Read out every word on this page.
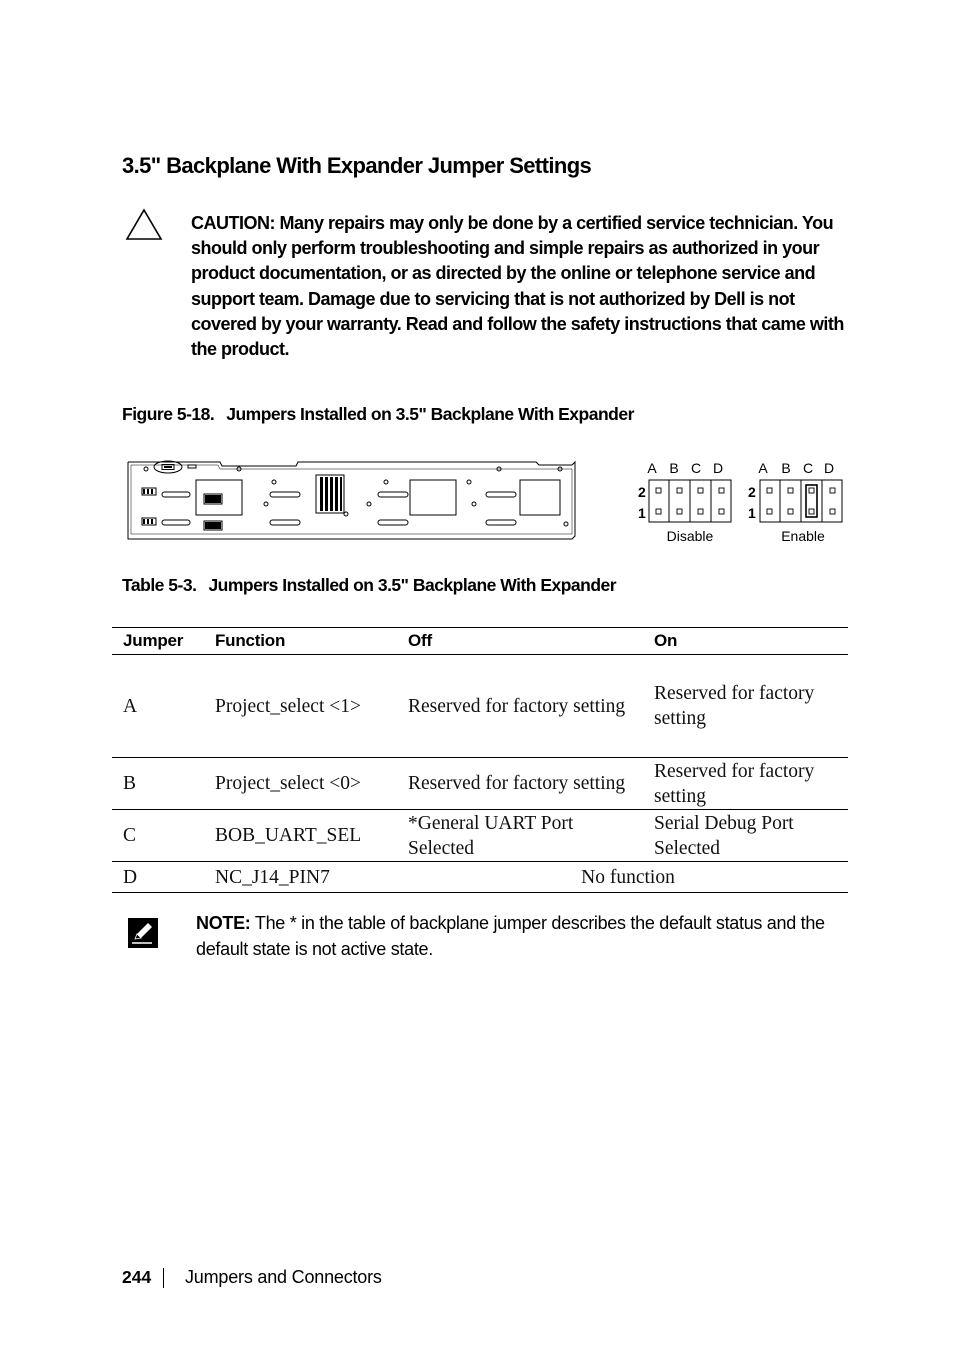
3.5" Backplane With Expander Jumper Settings
CAUTION: Many repairs may only be done by a certified service technician. You should only perform troubleshooting and simple repairs as authorized in your product documentation, or as directed by the online or telephone service and support team. Damage due to servicing that is not authorized by Dell is not covered by your warranty. Read and follow the safety instructions that came with the product.
Figure 5-18. Jumpers Installed on 3.5" Backplane With Expander
A B C D	A B C D
2
1
2
1
Disable	Enable
Table 5-3. Jumpers Installed on 3.5" Backplane With Expander
Jumper	Function	Off	On
A	Project_select <1>	Reserved for factory setting	Reserved for factory setting
B	Project_select <0>	Reserved for factory setting	Reserved for factory setting
C	BOB_UART_SEL	*General UART Port Selected	Serial Debug Port Selected
D	NC_J14_PIN7	No function	
NOTE: The * in the table of backplane jumper describes the default status and the default state is not active state.
244 Jumpers and Connectors
